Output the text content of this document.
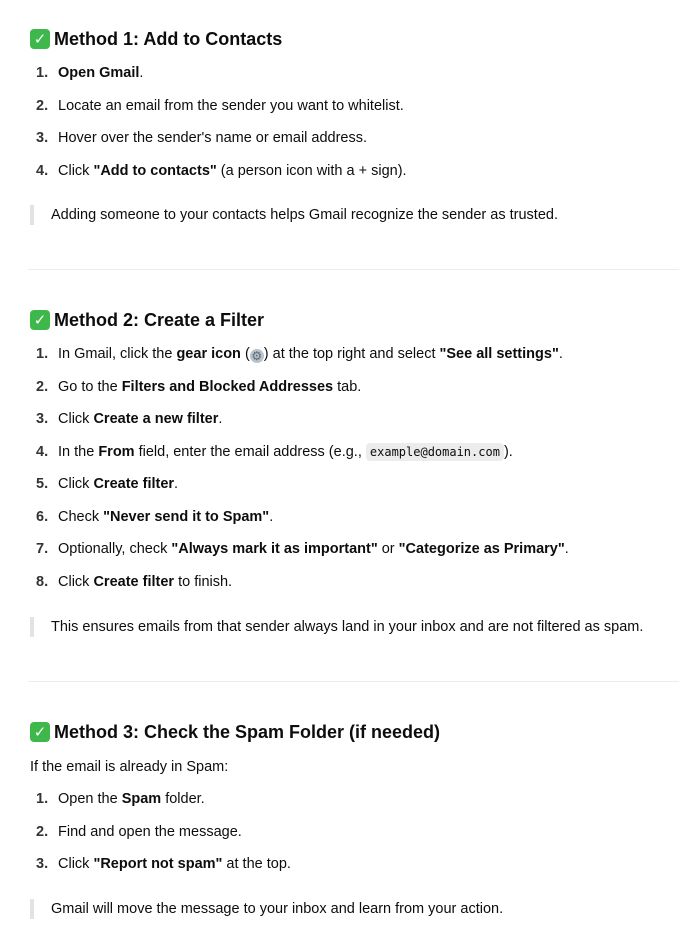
✓ Method 1: Add to Contacts
1. Open Gmail.
2. Locate an email from the sender you want to whitelist.
3. Hover over the sender's name or email address.
4. Click "Add to contacts" (a person icon with a + sign).
Adding someone to your contacts helps Gmail recognize the sender as trusted.
✓ Method 2: Create a Filter
1. In Gmail, click the gear icon ( ⚙ ) at the top right and select "See all settings".
2. Go to the Filters and Blocked Addresses tab.
3. Click Create a new filter.
4. In the From field, enter the email address (e.g., example@domain.com ).
5. Click Create filter.
6. Check "Never send it to Spam".
7. Optionally, check "Always mark it as important" or "Categorize as Primary".
8. Click Create filter to finish.
This ensures emails from that sender always land in your inbox and are not filtered as spam.
✓ Method 3: Check the Spam Folder (if needed)
If the email is already in Spam:
1. Open the Spam folder.
2. Find and open the message.
3. Click "Report not spam" at the top.
Gmail will move the message to your inbox and learn from your action.
